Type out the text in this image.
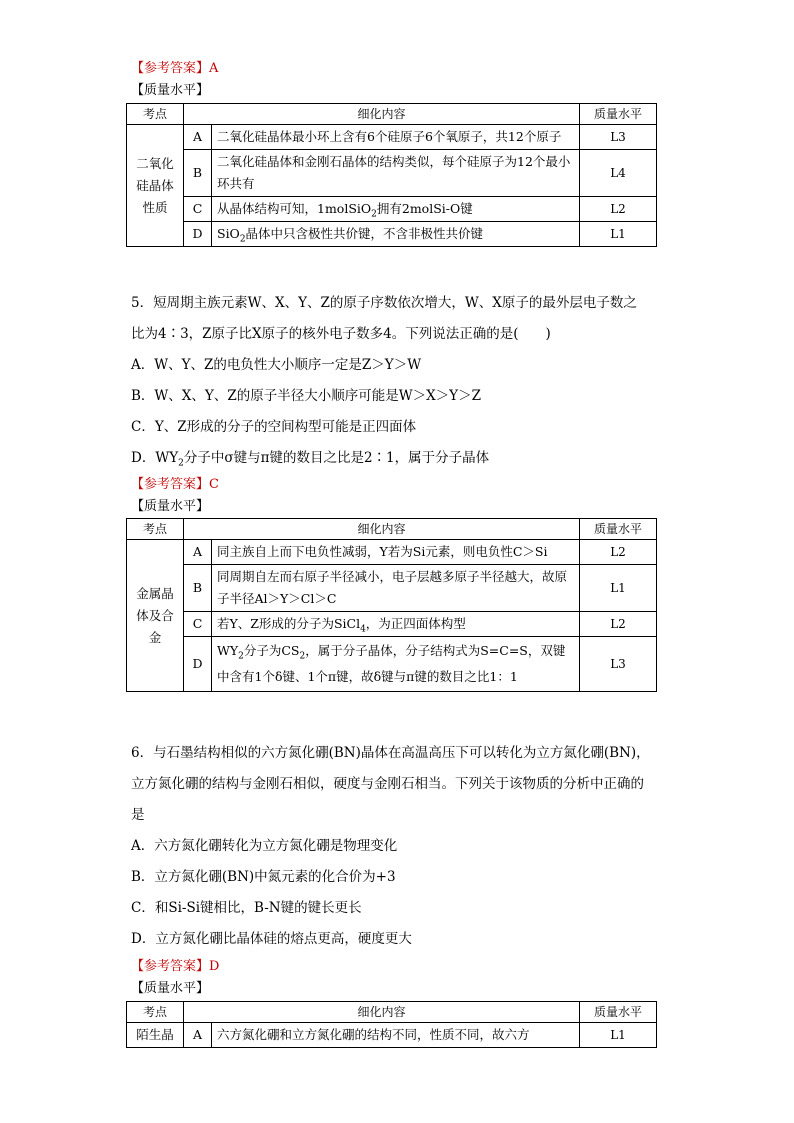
【参考答案】A
【质量水平】
考点	细化内容		质量水平
二氧化硅晶体性质	A	二氧化硅晶体最小环上含有6个硅原子6个氧原子，共12个原子	L3
	B	二氧化硅晶体和金刚石晶体的结构类似，每个硅原子为12个最小环共有	L4
	C	从晶体结构可知，1molSiO$_2$拥有2molSi-O键	L2
	D	SiO$_2$晶体中只含极性共价键，不含非极性共价键	L1

5．短周期主族元素W、X、Y、Z的原子序数依次增大，W、X原子的最外层电子数之

比为4∶3，Z原子比X原子的核外电子数多4。下列说法正确的是(　　)

A．W、Y、Z的电负性大小顺序一定是Z＞Y＞W

B．W、X、Y、Z的原子半径大小顺序可能是W＞X＞Y＞Z

C．Y、Z形成的分子的空间构型可能是正四面体

D．$WY_2$分子中σ键与π键的数目之比是2∶1，属于分子晶体

【参考答案】C
【质量水平】
考点	细化内容		质量水平
金属晶体及合金	A	同主族自上而下电负性减弱，Y若为Si元素，则电负性C＞Si	L2
	B	同周期自左而右原子半径减小，电子层越多原子半径越大，故原子半径Al＞Y＞Cl＞C	L1
	C	若Y、Z形成的分子为SiCl$_4$，为正四面体构型	L2
	D	$WY_2$分子为$CS_2$，属于分子晶体，分子结构式为S=C=S，双键中含有1个δ键、1个π键，故δ键与π键的数目之比1：1	L3

6．与石墨结构相似的六方氮化硼(BN)晶体在高温高压下可以转化为立方氮化硼(BN)，

立方氮化硼的结构与金刚石相似，硬度与金刚石相当。下列关于该物质的分析中正确的

是

A．六方氮化硼转化为立方氮化硼是物理变化

B．立方氮化硼(BN)中氮元素的化合价为+3

C．和Si-Si键相比，B-N键的键长更长

D．立方氮化硼比晶体硅的熔点更高，硬度更大

【参考答案】D
【质量水平】
考点	细化内容		质量水平
陌生晶	A	六方氮化硼和立方氮化硼的结构不同，性质不同，故六方	L1
